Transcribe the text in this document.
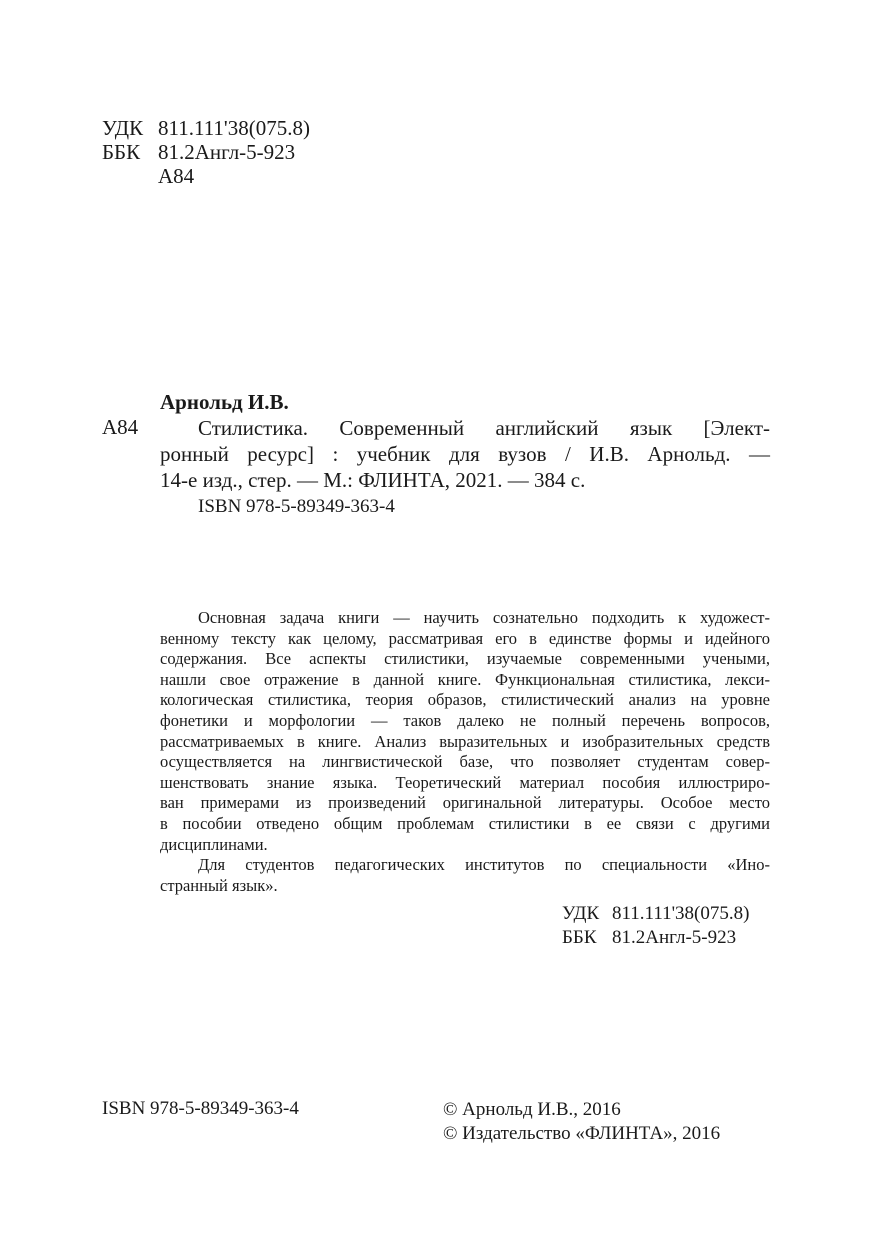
УДК 811.111'38(075.8)
ББК 81.2Англ-5-923
А84
Арнольд И.В.
А84	Стилистика. Современный английский язык [Элект-
ронный ресурс] : учебник для вузов / И.В. Арнольд. —
14-е изд., стер. — М.: ФЛИНТА, 2021. — 384 с.
ISBN 978-5-89349-363-4
Основная задача книги — научить сознательно подходить к художест-
венному тексту как целому, рассматривая его в единстве формы и идейного
содержания. Все аспекты стилистики, изучаемые современными учеными,
нашли свое отражение в данной книге. Функциональная стилистика, лекси-
кологическая стилистика, теория образов, стилистический анализ на уровне
фонетики и морфологии — таков далеко не полный перечень вопросов,
рассматриваемых в книге. Анализ выразительных и изобразительных средств
осуществляется на лингвистической базе, что позволяет студентам совер-
шенствовать знание языка. Теоретический материал пособия иллюстриро-
ван примерами из произведений оригинальной литературы. Особое место
в пособии отведено общим проблемам стилистики в ее связи с другими
дисциплинами.
Для студентов педагогических институтов по специальности «Ино-
странный язык».
УДК 811.111'38(075.8)
ББК 81.2Англ-5-923
ISBN 978-5-89349-363-4	© Арнольд И.В., 2016
© Издательство «ФЛИНТА», 2016
